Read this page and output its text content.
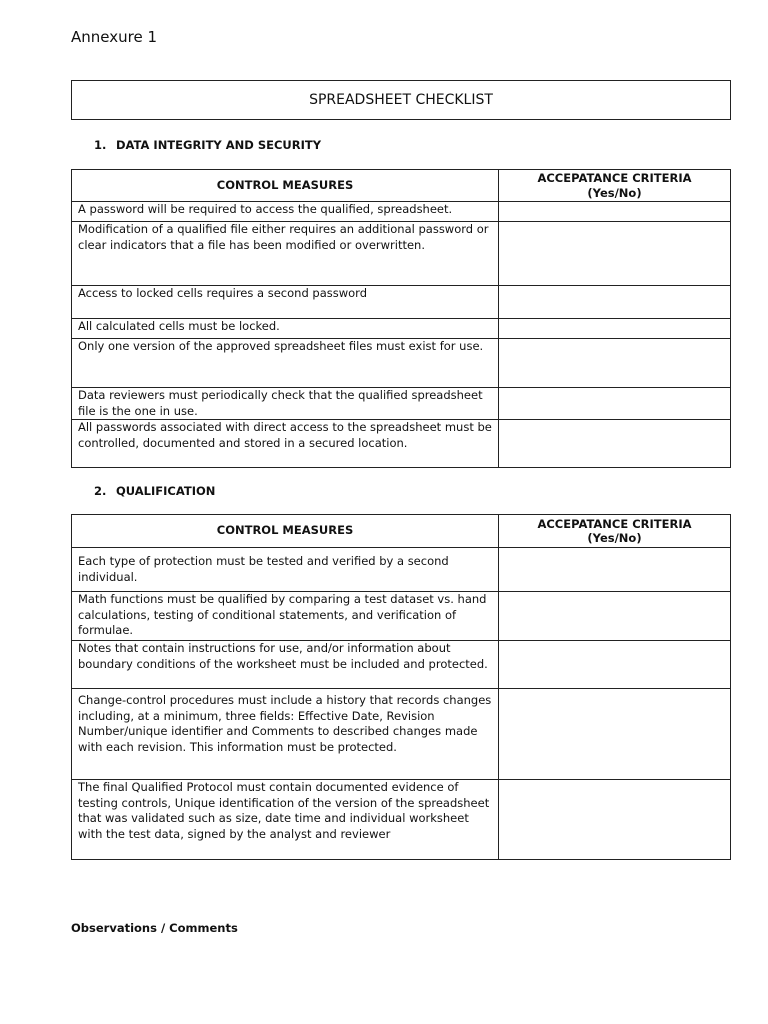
Annexure 1
SPREADSHEET CHECKLIST
1. DATA INTEGRITY AND SECURITY
CONTROL MEASURES	ACCEPATANCE CRITERIA
(Yes/No)
A password will be required to access the qualified, spreadsheet.	
Modification of a qualified file either requires an additional password or clear indicators that a file has been modified or overwritten.	
Access to locked cells requires a second password	
All calculated cells must be locked.	
Only one version of the approved spreadsheet files must exist for use.	
Data reviewers must periodically check that the qualified spreadsheet file is the one in use.	
All passwords associated with direct access to the spreadsheet must be controlled, documented and stored in a secured location.	
2. QUALIFICATION
CONTROL MEASURES	ACCEPATANCE CRITERIA
(Yes/No)
Each type of protection must be tested and verified by a second individual.	
Math functions must be qualified by comparing a test dataset vs. hand calculations, testing of conditional statements, and verification of formulae.	
Notes that contain instructions for use, and/or information about boundary conditions of the worksheet must be included and protected.	
Change-control procedures must include a history that records changes including, at a minimum, three fields: Effective Date, Revision Number/unique identifier and Comments to described changes made with each revision. This information must be protected.	
The final Qualified Protocol must contain documented evidence of testing controls, Unique identification of the version of the spreadsheet that was validated such as size, date time and individual worksheet with the test data, signed by the analyst and reviewer	
Observations / Comments
